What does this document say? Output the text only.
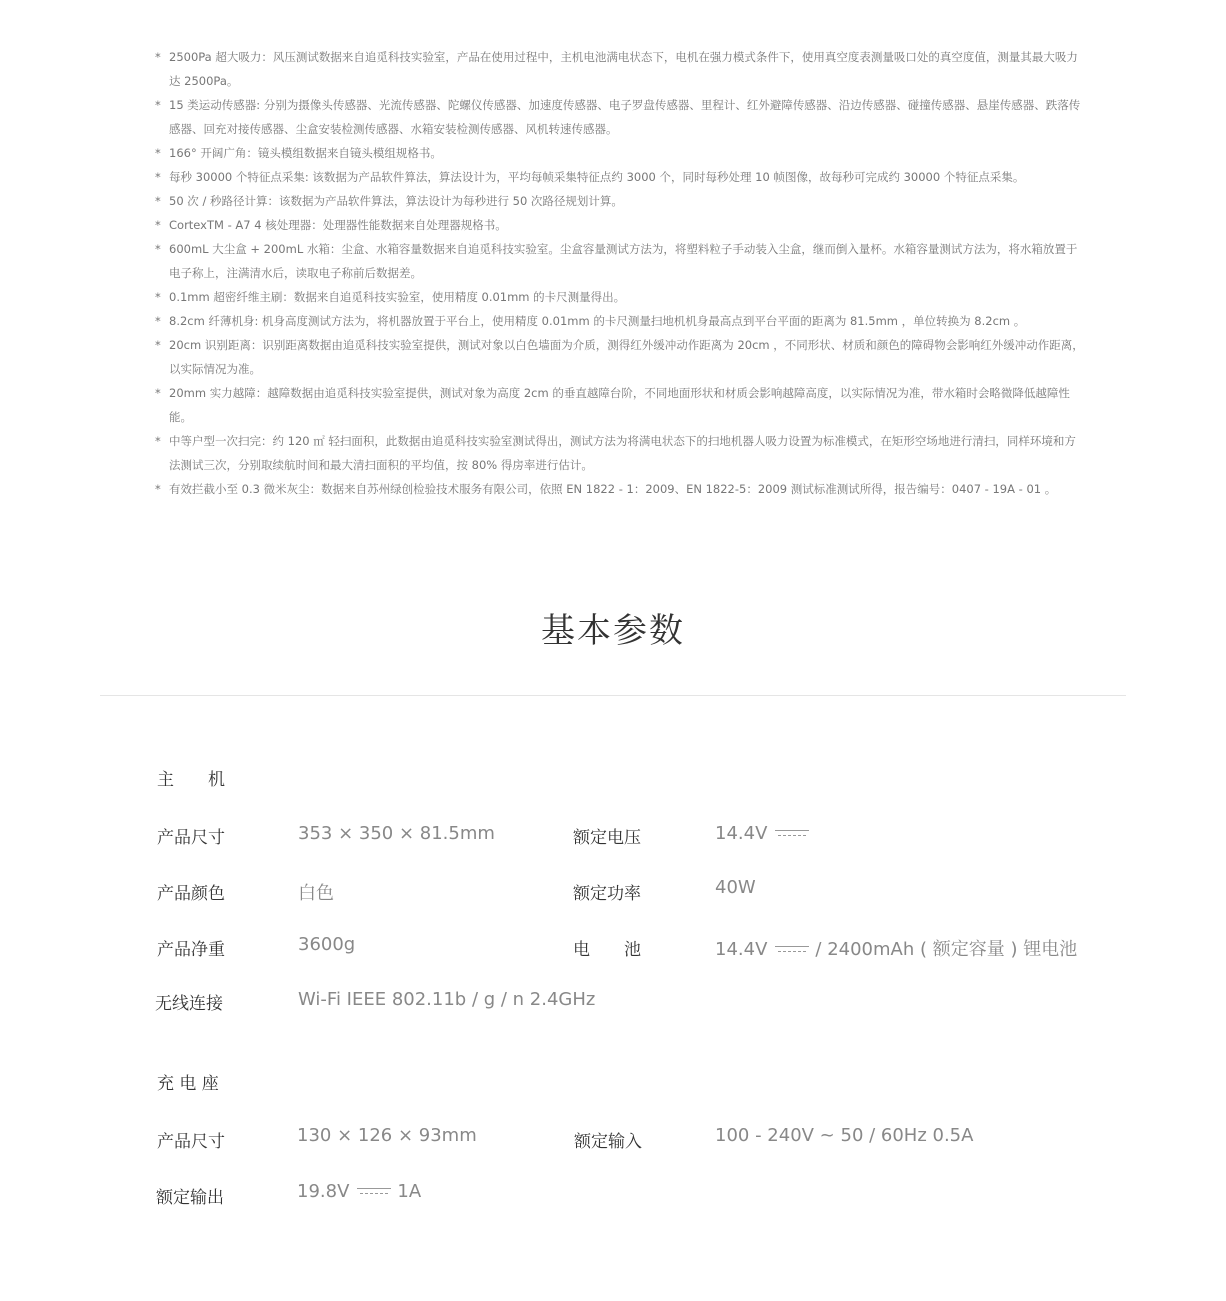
* 2500Pa 超大吸力：风压测试数据来自追觅科技实验室，产品在使用过程中，主机电池满电状态下，电机在强力模式条件下，使用真空度表测量吸口处的真空度值，测量其最大吸力达 2500Pa。
* 15 类运动传感器: 分别为摄像头传感器、光流传感器、陀螺仪传感器、加速度传感器、电子罗盘传感器、里程计、红外避障传感器、沿边传感器、碰撞传感器、悬崖传感器、跌落传感器、回充对接传感器、尘盒安装检测传感器、水箱安装检测传感器、风机转速传感器。
* 166° 开阔广角：镜头模组数据来自镜头模组规格书。
* 每秒 30000 个特征点采集: 该数据为产品软件算法，算法设计为，平均每帧采集特征点约 3000 个，同时每秒处理 10 帧图像，故每秒可完成约 30000 个特征点采集。
* 50 次 / 秒路径计算：该数据为产品软件算法，算法设计为每秒进行 50 次路径规划计算。
* CortexTM - A7 4 核处理器：处理器性能数据来自处理器规格书。
* 600mL 大尘盒 + 200mL 水箱：尘盒、水箱容量数据来自追觅科技实验室。尘盒容量测试方法为，将塑料粒子手动装入尘盒，继而倒入量杯。水箱容量测试方法为，将水箱放置于电子称上，注满清水后，读取电子称前后数据差。
* 0.1mm 超密纤维主刷：数据来自追觅科技实验室，使用精度 0.01mm 的卡尺测量得出。
* 8.2cm 纤薄机身: 机身高度测试方法为，将机器放置于平台上，使用精度 0.01mm 的卡尺测量扫地机机身最高点到平台平面的距离为 81.5mm ，单位转换为 8.2cm 。
* 20cm 识别距离：识别距离数据由追觅科技实验室提供，测试对象以白色墙面为介质，测得红外缓冲动作距离为 20cm ，不同形状、材质和颜色的障碍物会影响红外缓冲动作距离，以实际情况为准。
* 20mm 实力越障：越障数据由追觅科技实验室提供，测试对象为高度 2cm 的垂直越障台阶，不同地面形状和材质会影响越障高度，以实际情况为准，带水箱时会略微降低越障性能。
* 中等户型一次扫完：约 120 ㎡ 轻扫面积，此数据由追觅科技实验室测试得出，测试方法为将满电状态下的扫地机器人吸力设置为标准模式，在矩形空场地进行清扫，同样环境和方法测试三次，分别取续航时间和最大清扫面积的平均值，按 80% 得房率进行估计。
* 有效拦截小至 0.3 微米灰尘：数据来自苏州绿创检验技术服务有限公司，依照 EN 1822 - 1：2009、EN 1822-5：2009 测试标准测试所得，报告编号：0407 - 19A - 01 。
基本参数
主　　机
产品尺寸	353 × 350 × 81.5mm	额定电压	14.4V
产品颜色	白色	额定功率	40W
产品净重	3600g	电　　池	14.4V	/ 2400mAh ( 额定容量 ) 锂电池
无线连接	Wi-Fi IEEE 802.11b / g / n 2.4GHz
充 电 座
产品尺寸	130 × 126 × 93mm	额定输入	100 - 240V ~ 50 / 60Hz 0.5A
额定输出	19.8V	1A
